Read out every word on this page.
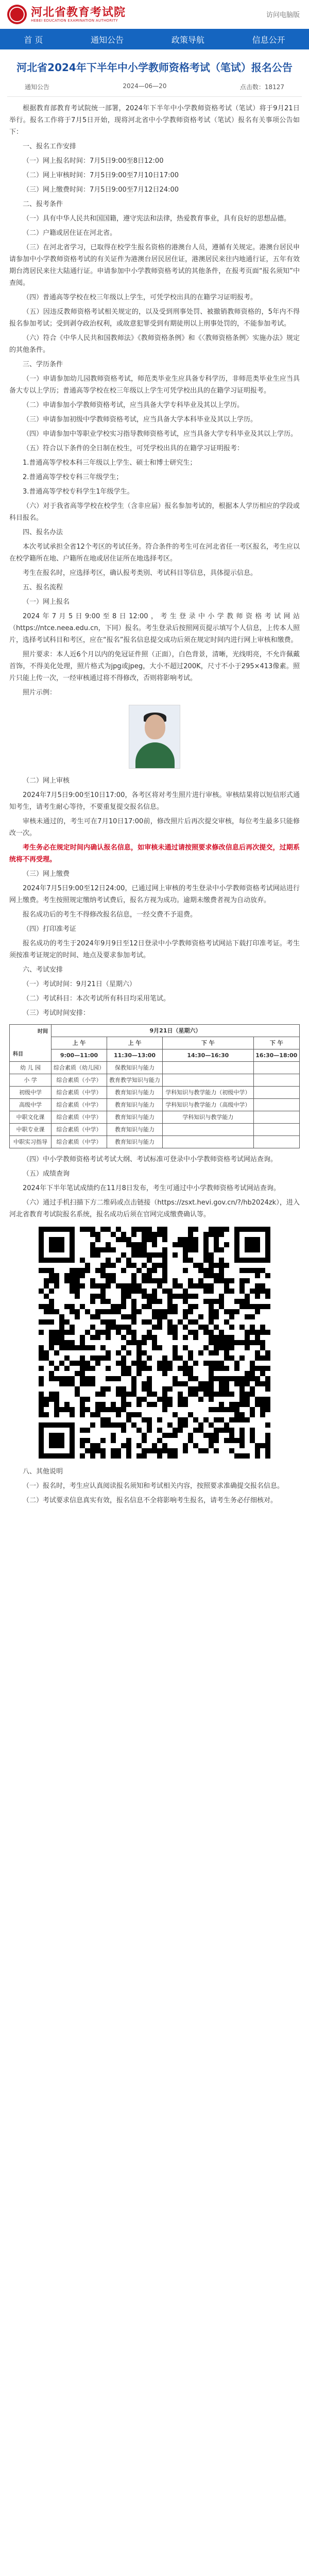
河北省教育考试院
HEBEI EDUCATION EXAMINATION AUTHORITY
访问电脑版
首 页	通知公告	政策导航	信息公开
河北省2024年下半年中小学教师资格考试（笔试）报名公告
通知公告	2024—06—20	点击数：18127

根据教育部教育考试院统一部署，2024年下半年中小学教师资格考试（笔试）将于9月21日举行。报名工作将于7月5日开始，现将河北省中小学教师资格考试（笔试）报名有关事项公告如下：

一、报名工作安排

（一）网上报名时间：7月5日9:00至8日12:00

（二）网上审核时间：7月5日9:00至7月10日17:00

（三）网上缴费时间：7月5日9:00至7月12日24:00

二、报考条件

（一）具有中华人民共和国国籍，遵守宪法和法律，热爱教育事业，具有良好的思想品德。

（二）户籍或居住证在河北省。

（三）在河北省学习，已取得在校学生报名资格的港澳台人员，遵循有关规定。港澳台居民申请参加中小学教师资格考试的有关证件为港澳台居民居住证，港澳居民来往内地通行证，五年有效期台湾居民来往大陆通行证。申请参加中小学教师资格考试的其他条件，在报考页面“报名须知”中查阅。

（四）普通高等学校在校三年级以上学生，可凭学校出具的在籍学习证明报考。

（五）因违反教师资格考试相关规定的，以及受到刑事处罚、被撤销教师资格的，5年内不得报名参加考试；受到剥夺政治权利，或故意犯罪受到有期徒刑以上刑事处罚的，不能参加考试。

（六）符合《中华人民共和国教师法》《教师资格条例》和《〈教师资格条例〉实施办法》规定的其他条件。

三、学历条件

（一）申请参加幼儿园教师资格考试，师范类毕业生应具备专科学历，非师范类毕业生应当具备大专以上学历；普通高等学校在校三年级以上学生可凭学校出具的在籍学习证明报考。

（二）申请参加小学教师资格考试，应当具备大学专科毕业及其以上学历。

（三）申请参加初级中学教师资格考试，应当具备大学本科毕业及其以上学历。

（四）申请参加中等职业学校实习指导教师资格考试，应当具备大学专科毕业及其以上学历。

（五）符合以下条件的全日制在校生，可凭学校出具的在籍学习证明报考：

1.普通高等学校本科三年级以上学生、硕士和博士研究生；

2.普通高等学校专科三年级学生；

3.普通高等学校专科学生1年级学生。

（六）对于我省高等学校在校学生（含非应届）报名参加考试的，根据本人学历相应的学段或科目报名。

四、报名办法

本次考试承担全省12个考区的考试任务。符合条件的考生可在河北省任一考区报名，考生应以在校学籍所在地、户籍所在地或居住证所在地选择考区。

考生在报名时，应选择考区，确认报考类别、考试科目等信息，具体提示信息。

五、报名流程

（一）网上报名

2024年7月5日9:00至8日12:00，考生登录中小学教师资格考试网站（https://ntce.neea.edu.cn，下同）报名。考生登录后按照网页提示填写个人信息，上传本人照片，选择考试科目和考区，应在“报名”报名信息提交成功后须在规定时间内进行网上审核和缴费。

照片要求：本人近6个月以内的免冠证件照（正面），白色背景，清晰，光线明亮，不允许佩戴首饰，不得美化处理，照片格式为jpg或jpeg，大小不超过200K，尺寸不小于295×413像素。照片只能上传一次，一经审核通过将不得修改，否则将影响考试。

照片示例：

（二）网上审核

2024年7月5日9:00至10日17:00，各考区将对考生照片进行审核。审核结果将以短信形式通知考生，请考生耐心等待，不要重复提交报名信息。

审核未通过的，考生可在7月10日17:00前，修改照片后再次提交审核，每位考生最多只能修改一次。

考生务必在规定时间内确认报名信息，如审核未通过请按照要求修改信息后再次提交，过期系统将不再受理。

（三）网上缴费

2024年7月5日9:00至12日24:00，已通过网上审核的考生登录中小学教师资格考试网站进行网上缴费。考生按照规定缴纳考试费后，报名方视为成功。逾期未缴费者视为自动放弃。

报名成功后的考生不得修改报名信息，一经交费不予退费。

（四）打印准考证

报名成功的考生于2024年9月9日至12日登录中小学教师资格考试网站下载打印准考证。考生须按准考证规定的时间、地点及要求参加考试。

六、考试安排

（一）考试时间：9月21日（星期六）

（二）考试科目：本次考试所有科目均采用笔试。

（三）考试时间安排：

时间
科目	9月21日（星期六）			
	上 午	上 午	下 午	下 午
	9:00—11:00	11:30—13:00	14:30—16:30	16:30—18:00
幼 儿 园	综合素质（幼儿园）	保教知识与能力		
小 学	综合素质（小学）	教育教学知识与能力		
初级中学	综合素质（中学）	教育知识与能力	学科知识与教学能力（初级中学）	
高级中学	综合素质（中学）	教育知识与能力	学科知识与教学能力（高级中学）	
中职文化课	综合素质（中学）	教育知识与能力	学科知识与教学能力	
中职专业课	综合素质（中学）	教育知识与能力		
中职实习指导	综合素质（中学）	教育知识与能力		

（四）中小学教师资格考试考试大纲、考试标准可登录中小学教师资格考试网站查询。

（五）成绩查询

2024年下半年笔试成绩约在11月8日发布，考生可通过中小学教师资格考试网站查询。

（六）通过手机扫描下方二维码或点击链接（https://zsxt.hevi.gov.cn/?/hb2024zk），进入河北省教育考试院报名系统，报名成功后须在官网完成缴费确认等。

八、其他说明

（一）报名时，考生应认真阅读报名须知和考试相关内容，按照要求准确提交报名信息。

（二）考试要求信息真实有效，报名信息不全将影响考生报名，请考生务必仔细核对。
